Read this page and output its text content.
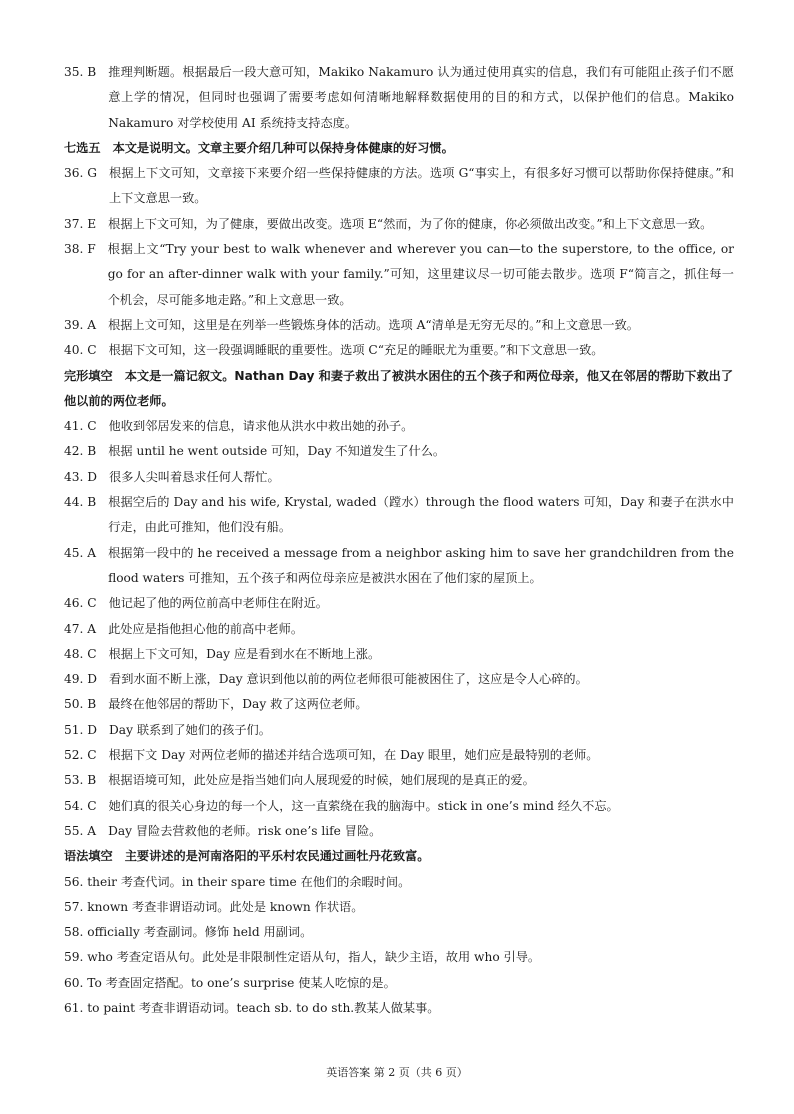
35. B 推理判断题。根据最后一段大意可知，Makiko Nakamuro 认为通过使用真实的信息，我们有可能阻止孩子们不愿意上学的情况，但同时也强调了需要考虑如何清晰地解释数据使用的目的和方式，以保护他们的信息。Makiko Nakamuro 对学校使用 AI 系统持支持态度。
七选五 本文是说明文。文章主要介绍几种可以保持身体健康的好习惯。
36. G 根据上下文可知，文章接下来要介绍一些保持健康的方法。选项 G“事实上，有很多好习惯可以帮助你保持健康。”和上下文意思一致。
37. E 根据上下文可知，为了健康，要做出改变。选项 E“然而，为了你的健康，你必须做出改变。”和上下文意思一致。
38. F 根据上文“Try your best to walk whenever and wherever you can—to the superstore, to the office, or go for an after-dinner walk with your family.”可知，这里建议尽一切可能去散步。选项 F“简言之，抓住每一个机会，尽可能多地走路。”和上文意思一致。
39. A 根据上文可知，这里是在列举一些锻炼身体的活动。选项 A“清单是无穷无尽的。”和上文意思一致。
40. C 根据下文可知，这一段强调睡眠的重要性。选项 C“充足的睡眠尤为重要。”和下文意思一致。
完形填空 本文是一篇记叙文。Nathan Day 和妻子救出了被洪水困住的五个孩子和两位母亲，他又在邻居的帮助下救出了他以前的两位老师。
41. C 他收到邻居发来的信息，请求他从洪水中救出她的孙子。
42. B 根据 until he went outside 可知，Day 不知道发生了什么。
43. D 很多人尖叫着恳求任何人帮忙。
44. B 根据空后的 Day and his wife, Krystal, waded（蹚水）through the flood waters 可知，Day 和妻子在洪水中行走，由此可推知，他们没有船。
45. A 根据第一段中的 he received a message from a neighbor asking him to save her grandchildren from the flood waters 可推知，五个孩子和两位母亲应是被洪水困在了他们家的屋顶上。
46. C 他记起了他的两位前高中老师住在附近。
47. A 此处应是指他担心他的前高中老师。
48. C 根据上下文可知，Day 应是看到水在不断地上涨。
49. D 看到水面不断上涨，Day 意识到他以前的两位老师很可能被困住了，这应是令人心碎的。
50. B 最终在他邻居的帮助下，Day 救了这两位老师。
51. D Day 联系到了她们的孩子们。
52. C 根据下文 Day 对两位老师的描述并结合选项可知，在 Day 眼里，她们应是最特别的老师。
53. B 根据语境可知，此处应是指当她们向人展现爱的时候，她们展现的是真正的爱。
54. C 她们真的很关心身边的每一个人，这一直萦绕在我的脑海中。stick in one’s mind 经久不忘。
55. A Day 冒险去营救他的老师。risk one’s life 冒险。
语法填空 主要讲述的是河南洛阳的平乐村农民通过画牡丹花致富。
56. their 考查代词。in their spare time 在他们的余暇时间。
57. known 考查非谓语动词。此处是 known 作状语。
58. officially 考查副词。修饰 held 用副词。
59. who 考查定语从句。此处是非限制性定语从句，指人，缺少主语，故用 who 引导。
60. To 考查固定搭配。to one’s surprise 使某人吃惊的是。
61. to paint 考查非谓语动词。teach sb. to do sth.教某人做某事。
英语答案 第 2 页（共 6 页）
